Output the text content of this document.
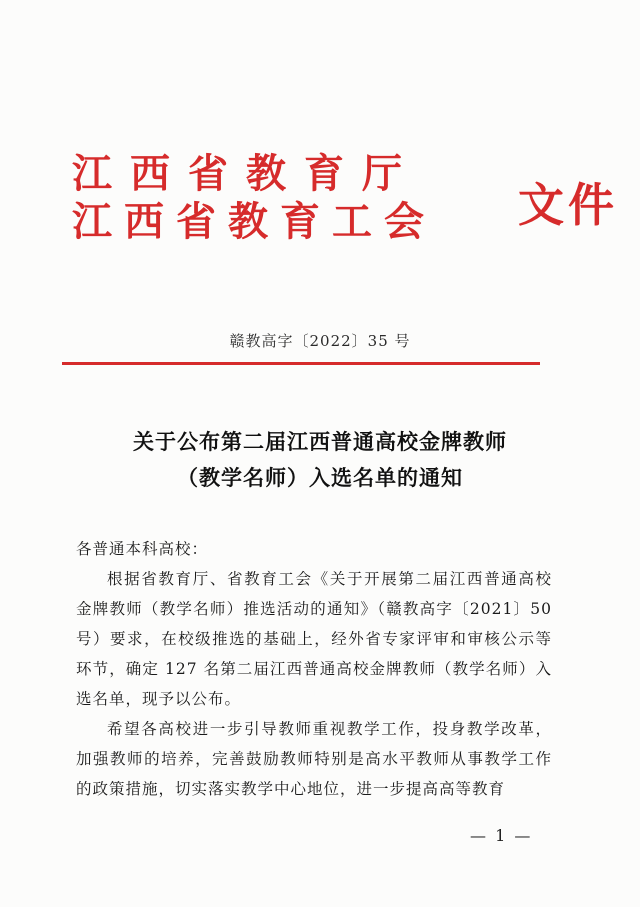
江西省教育厅
江西省教育工会 文件
赣教高字〔2022〕35 号
关于公布第二届江西普通高校金牌教师
（教学名师）入选名单的通知

各普通本科高校：

根据省教育厅、省教育工会《关于开展第二届江西普通高校金牌教师（教学名师）推选活动的通知》（赣教高字〔2021〕50 号）要求，在校级推选的基础上，经外省专家评审和审核公示等环节，确定 127 名第二届江西普通高校金牌教师（教学名师）入选名单，现予以公布。

希望各高校进一步引导教师重视教学工作，投身教学改革，加强教师的培养，完善鼓励教师特别是高水平教师从事教学工作的政策措施，切实落实教学中心地位，进一步提高高等教育

— 1 —
